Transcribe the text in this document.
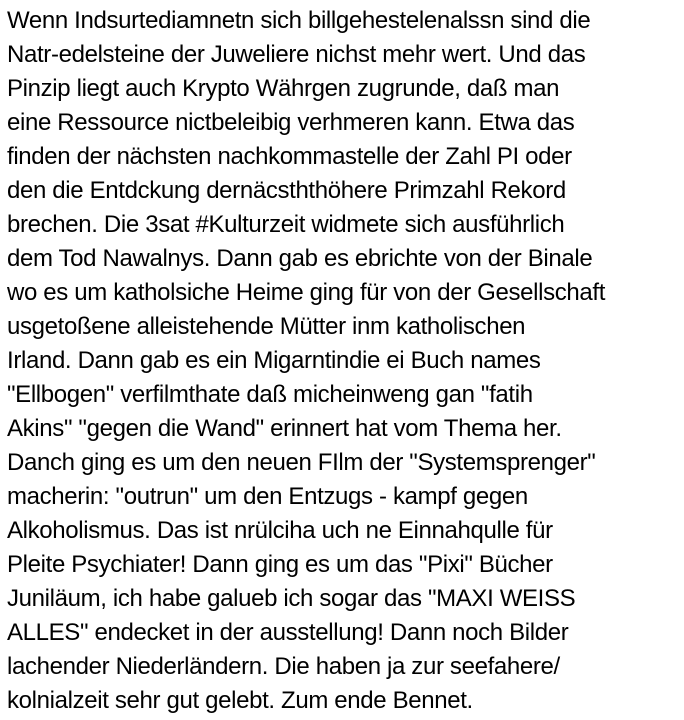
Wenn Indsurtediamnetn sich billgehestelenalssn sind die
Natr-edelsteine der Juweliere nichst mehr wert. Und das
Pinzip liegt auch Krypto Währgen zugrunde, daß man
eine Ressource nictbeleibig verhmeren kann. Etwa das
finden der nächsten nachkommastelle der Zahl PI oder
den die Entdckung dernäcsththöhere Primzahl Rekord
brechen. Die 3sat #Kulturzeit widmete sich ausführlich
dem Tod Nawalnys. Dann gab es ebrichte von der Binale
wo es um katholsiche Heime ging für von der Gesellschaft
usgetoßene alleistehende Mütter inm katholischen
Irland. Dann gab es ein Migarntindie ei Buch names
"Ellbogen" verfilmthate daß micheinweng gan "fatih
Akins" "gegen die Wand" erinnert hat vom Thema her.
Danch ging es um den neuen FIlm der "Systemsprenger"
macherin: "outrun" um den Entzugs - kampf gegen
Alkoholismus. Das ist nrülciha uch ne Einnahqulle für
Pleite Psychiater! Dann ging es um das "Pixi" Bücher
Juniläum, ich habe galueb ich sogar das "MAXI WEISS
ALLES" endecket in der ausstellung! Dann noch Bilder
lachender Niederländern. Die haben ja zur seefahere/
kolnialzeit sehr gut gelebt. Zum ende Bennet.
